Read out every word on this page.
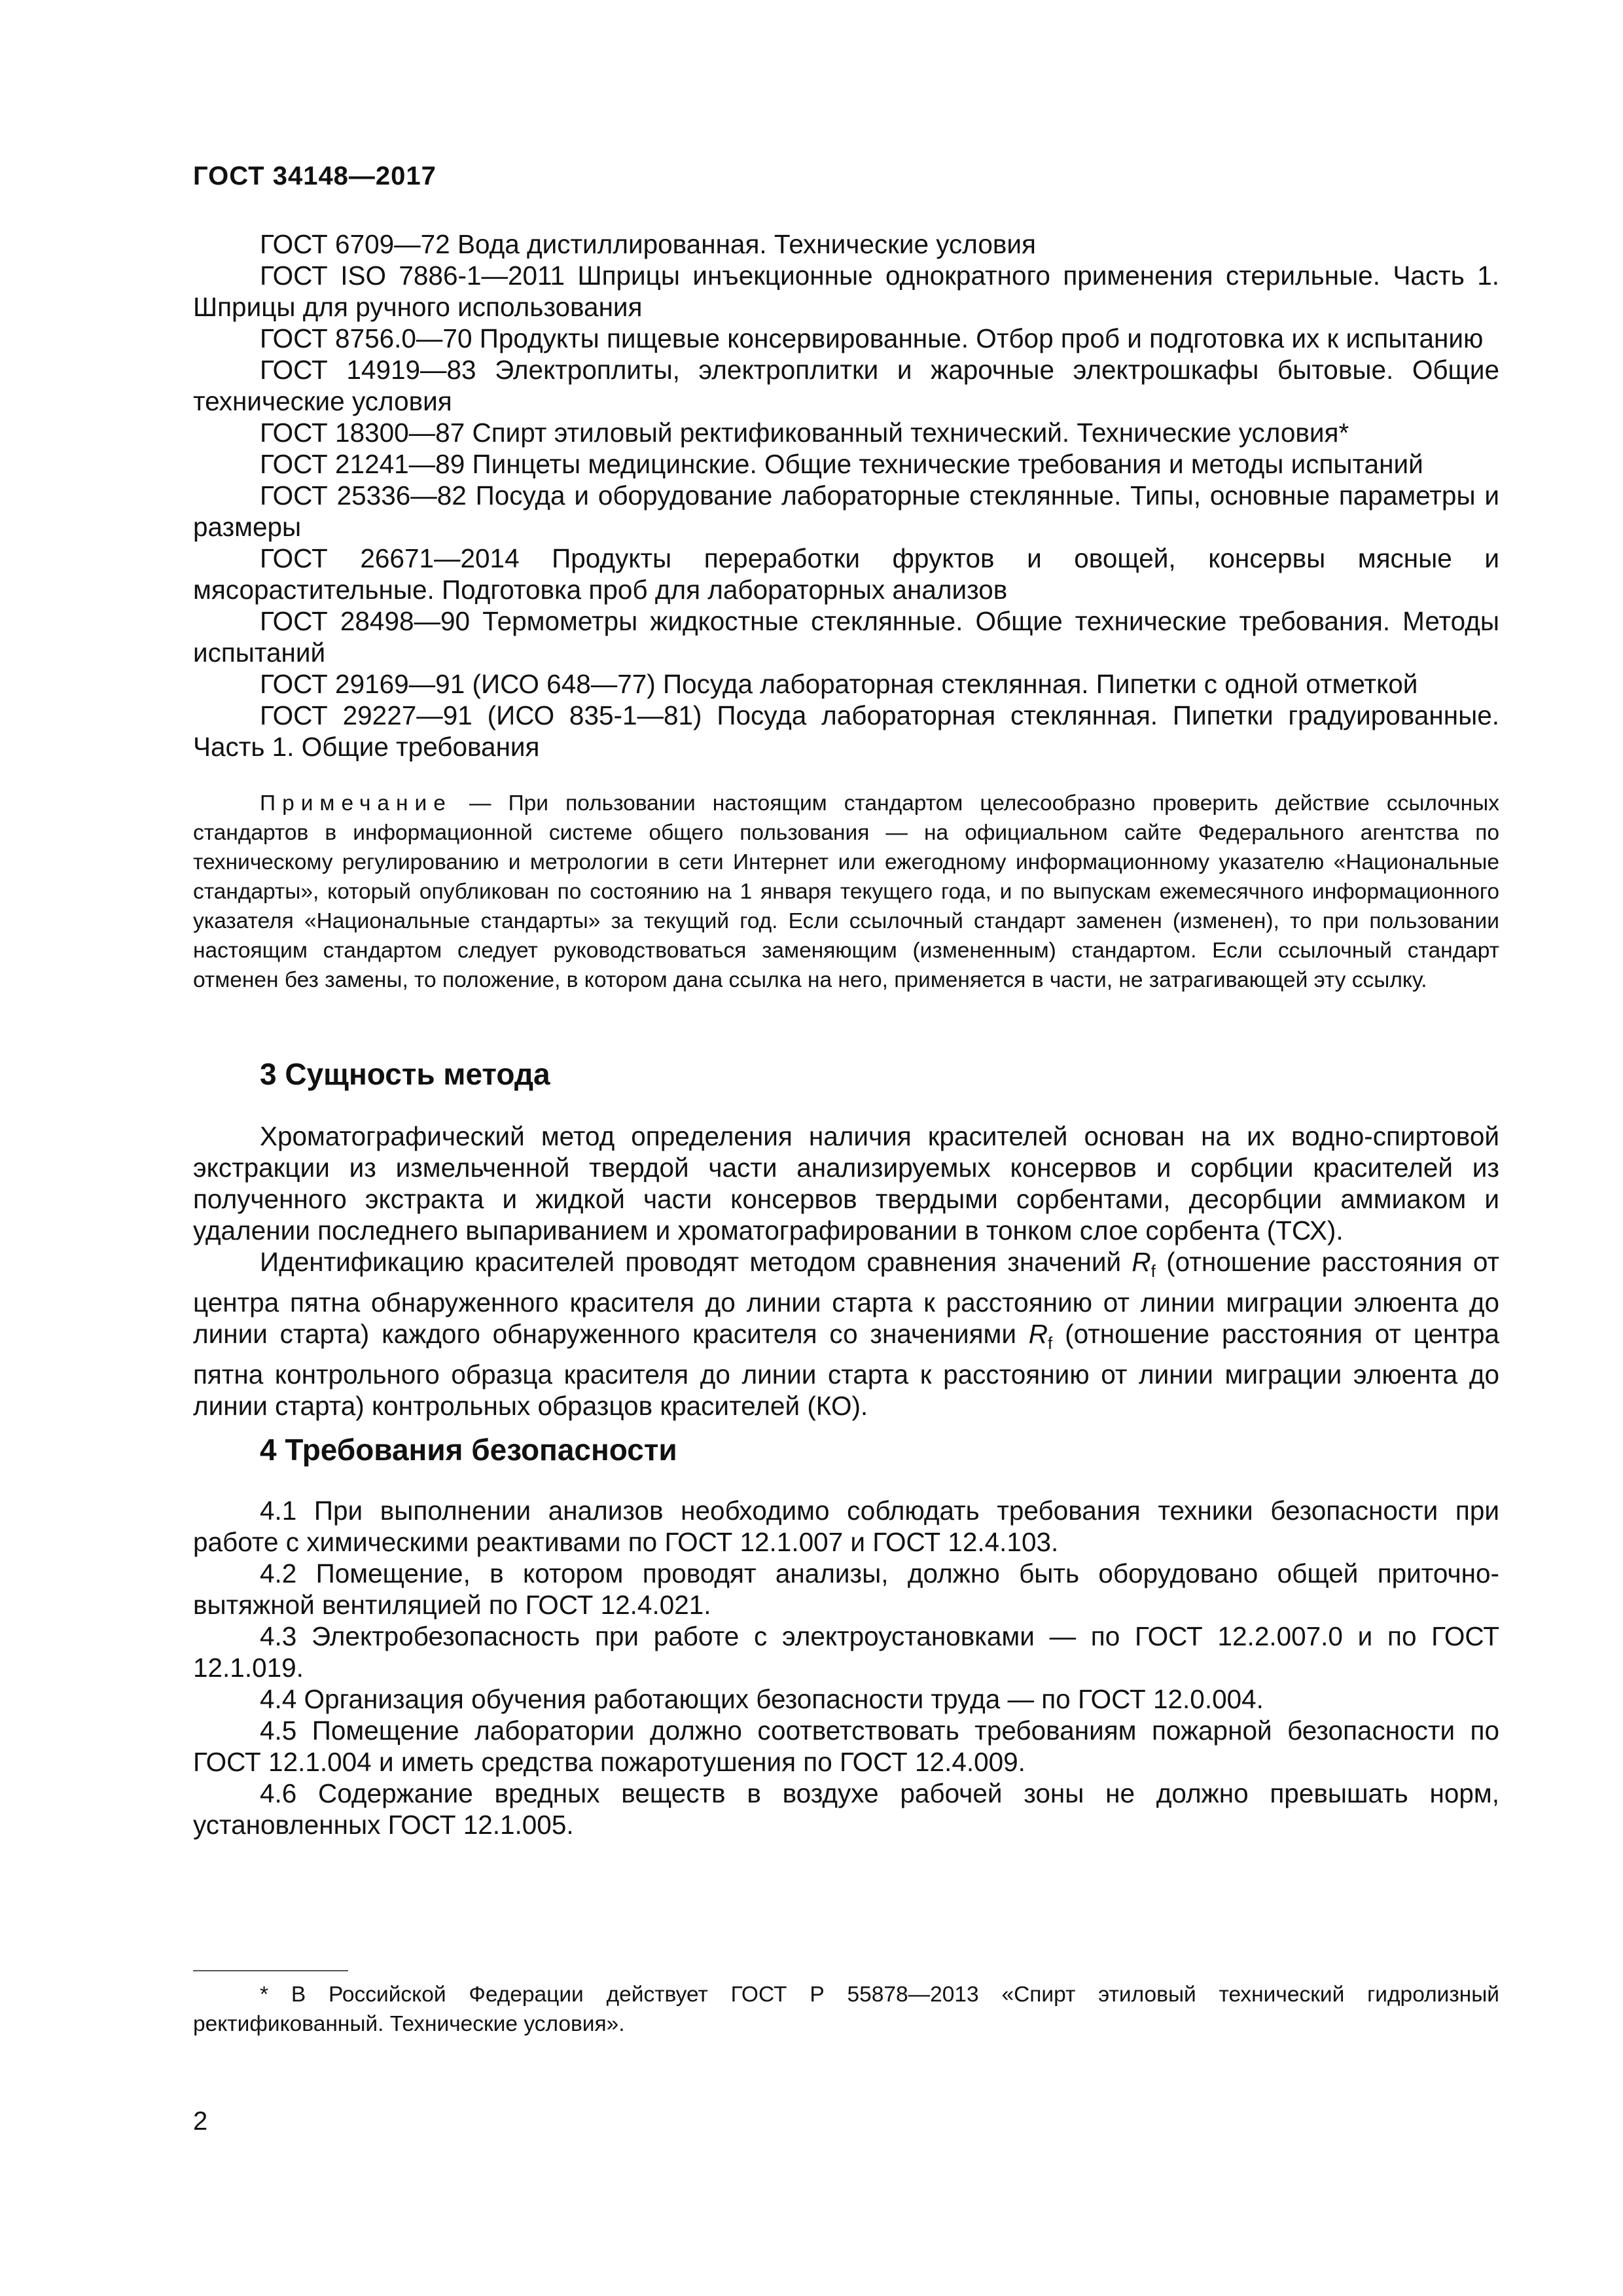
ГОСТ 34148—2017

ГОСТ 6709—72 Вода дистиллированная. Технические условия

ГОСТ ISO 7886-1—2011 Шприцы инъекционные однократного применения стерильные. Часть 1. Шприцы для ручного использования

ГОСТ 8756.0—70 Продукты пищевые консервированные. Отбор проб и подготовка их к испытанию

ГОСТ 14919—83 Электроплиты, электроплитки и жарочные электрошкафы бытовые. Общие технические условия

ГОСТ 18300—87 Спирт этиловый ректификованный технический. Технические условия*

ГОСТ 21241—89 Пинцеты медицинские. Общие технические требования и методы испытаний

ГОСТ 25336—82 Посуда и оборудование лабораторные стеклянные. Типы, основные параметры и размеры

ГОСТ 26671—2014 Продукты переработки фруктов и овощей, консервы мясные и мясорастительные. Подготовка проб для лабораторных анализов

ГОСТ 28498—90 Термометры жидкостные стеклянные. Общие технические требования. Методы испытаний

ГОСТ 29169—91 (ИСО 648—77) Посуда лабораторная стеклянная. Пипетки с одной отметкой

ГОСТ 29227—91 (ИСО 835-1—81) Посуда лабораторная стеклянная. Пипетки градуированные. Часть 1. Общие требования

Примечание — При пользовании настоящим стандартом целесообразно проверить действие ссылочных стандартов в информационной системе общего пользования — на официальном сайте Федерального агентства по техническому регулированию и метрологии в сети Интернет или ежегодному информационному указателю «Национальные стандарты», который опубликован по состоянию на 1 января текущего года, и по выпускам ежемесячного информационного указателя «Национальные стандарты» за текущий год. Если ссылочный стандарт заменен (изменен), то при пользовании настоящим стандартом следует руководствоваться заменяющим (измененным) стандартом. Если ссылочный стандарт отменен без замены, то положение, в котором дана ссылка на него, применяется в части, не затрагивающей эту ссылку.

3 Сущность метода

Хроматографический метод определения наличия красителей основан на их водно-спиртовой экстракции из измельченной твердой части анализируемых консервов и сорбции красителей из полученного экстракта и жидкой части консервов твердыми сорбентами, десорбции аммиаком и удалении последнего выпариванием и хроматографировании в тонком слое сорбента (ТСХ).

Идентификацию красителей проводят методом сравнения значений $R_f$ (отношение расстояния от центра пятна обнаруженного красителя до линии старта к расстоянию от линии миграции элюента до линии старта) каждого обнаруженного красителя со значениями $R_f$ (отношение расстояния от центра пятна контрольного образца красителя до линии старта к расстоянию от линии миграции элюента до линии старта) контрольных образцов красителей (КО).

4 Требования безопасности

4.1 При выполнении анализов необходимо соблюдать требования техники безопасности при работе с химическими реактивами по ГОСТ 12.1.007 и ГОСТ 12.4.103.

4.2 Помещение, в котором проводят анализы, должно быть оборудовано общей приточно-вытяжной вентиляцией по ГОСТ 12.4.021.

4.3 Электробезопасность при работе с электроустановками — по ГОСТ 12.2.007.0 и по ГОСТ 12.1.019.

4.4 Организация обучения работающих безопасности труда — по ГОСТ 12.0.004.

4.5 Помещение лаборатории должно соответствовать требованиям пожарной безопасности по ГОСТ 12.1.004 и иметь средства пожаротушения по ГОСТ 12.4.009.

4.6 Содержание вредных веществ в воздухе рабочей зоны не должно превышать норм, установленных ГОСТ 12.1.005.

* В Российской Федерации действует ГОСТ Р 55878—2013 «Спирт этиловый технический гидролизный ректификованный. Технические условия».

2
